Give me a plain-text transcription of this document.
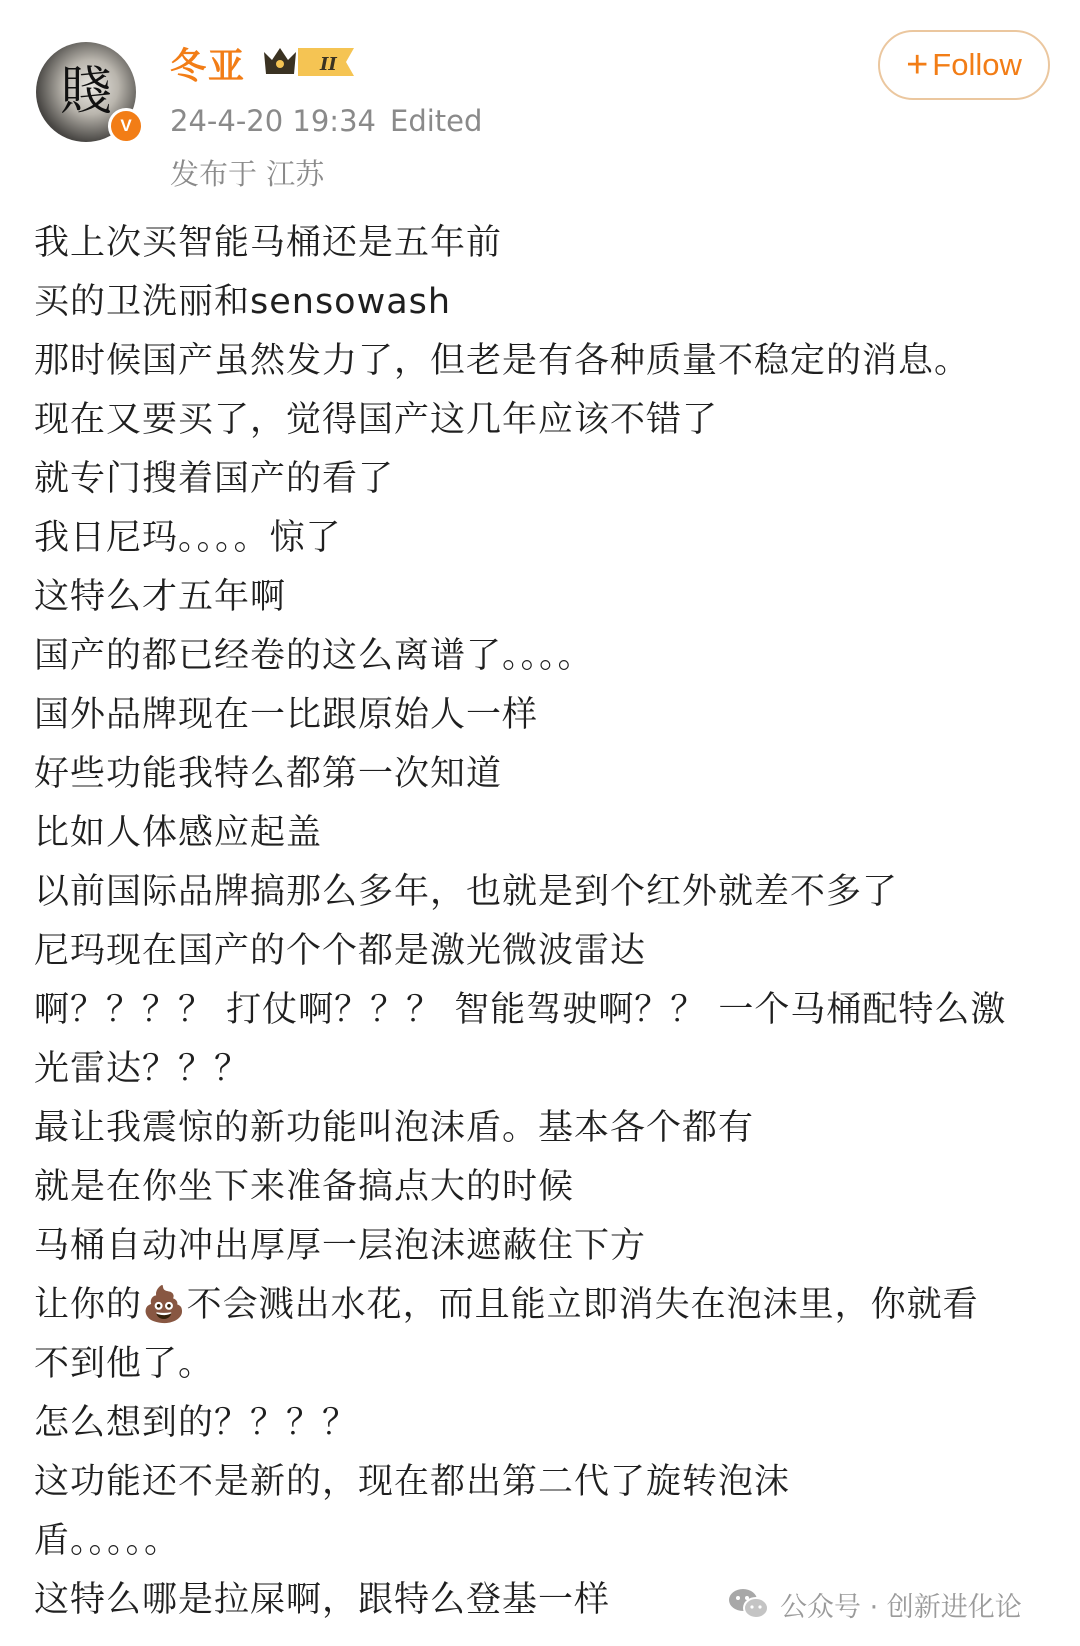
賤
V
冬亚	II
24-4-20 19:34 Edited
发布于 江苏
+ Follow
我上次买智能马桶还是五年前
买的卫洗丽和sensowash
那时候国产虽然发力了，但老是有各种质量不稳定的消息。
现在又要买了，觉得国产这几年应该不错了
就专门搜着国产的看了
我日尼玛。。。。惊了
这特么才五年啊
国产的都已经卷的这么离谱了。。。。
国外品牌现在一比跟原始人一样
好些功能我特么都第一次知道
比如人体感应起盖
以前国际品牌搞那么多年，也就是到个红外就差不多了
尼玛现在国产的个个都是激光微波雷达
啊？？？？ 打仗啊？？？ 智能驾驶啊？？ 一个马桶配特么激
光雷达？？？
最让我震惊的新功能叫泡沫盾。基本各个都有
就是在你坐下来准备搞点大的时候
马桶自动冲出厚厚一层泡沫遮蔽住下方
让你的💩不会溅出水花，而且能立即消失在泡沫里，你就看
不到他了。
怎么想到的？？？？
这功能还不是新的，现在都出第二代了旋转泡沫
盾。。。。。
这特么哪是拉屎啊，跟特么登基一样	公众号 · 创新进化论
